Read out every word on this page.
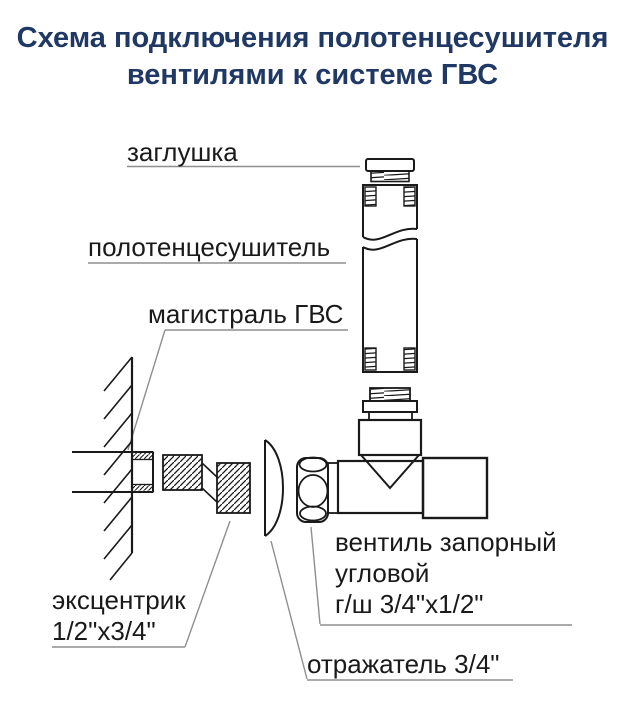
Схема подключения полотенцесушителя
вентилями к системе ГВС
заглушка
полотенцесушитель
магистраль ГВС
эксцентрик
1/2"х3/4"
вентиль запорный
угловой
г/ш 3/4"х1/2"
отражатель 3/4"
